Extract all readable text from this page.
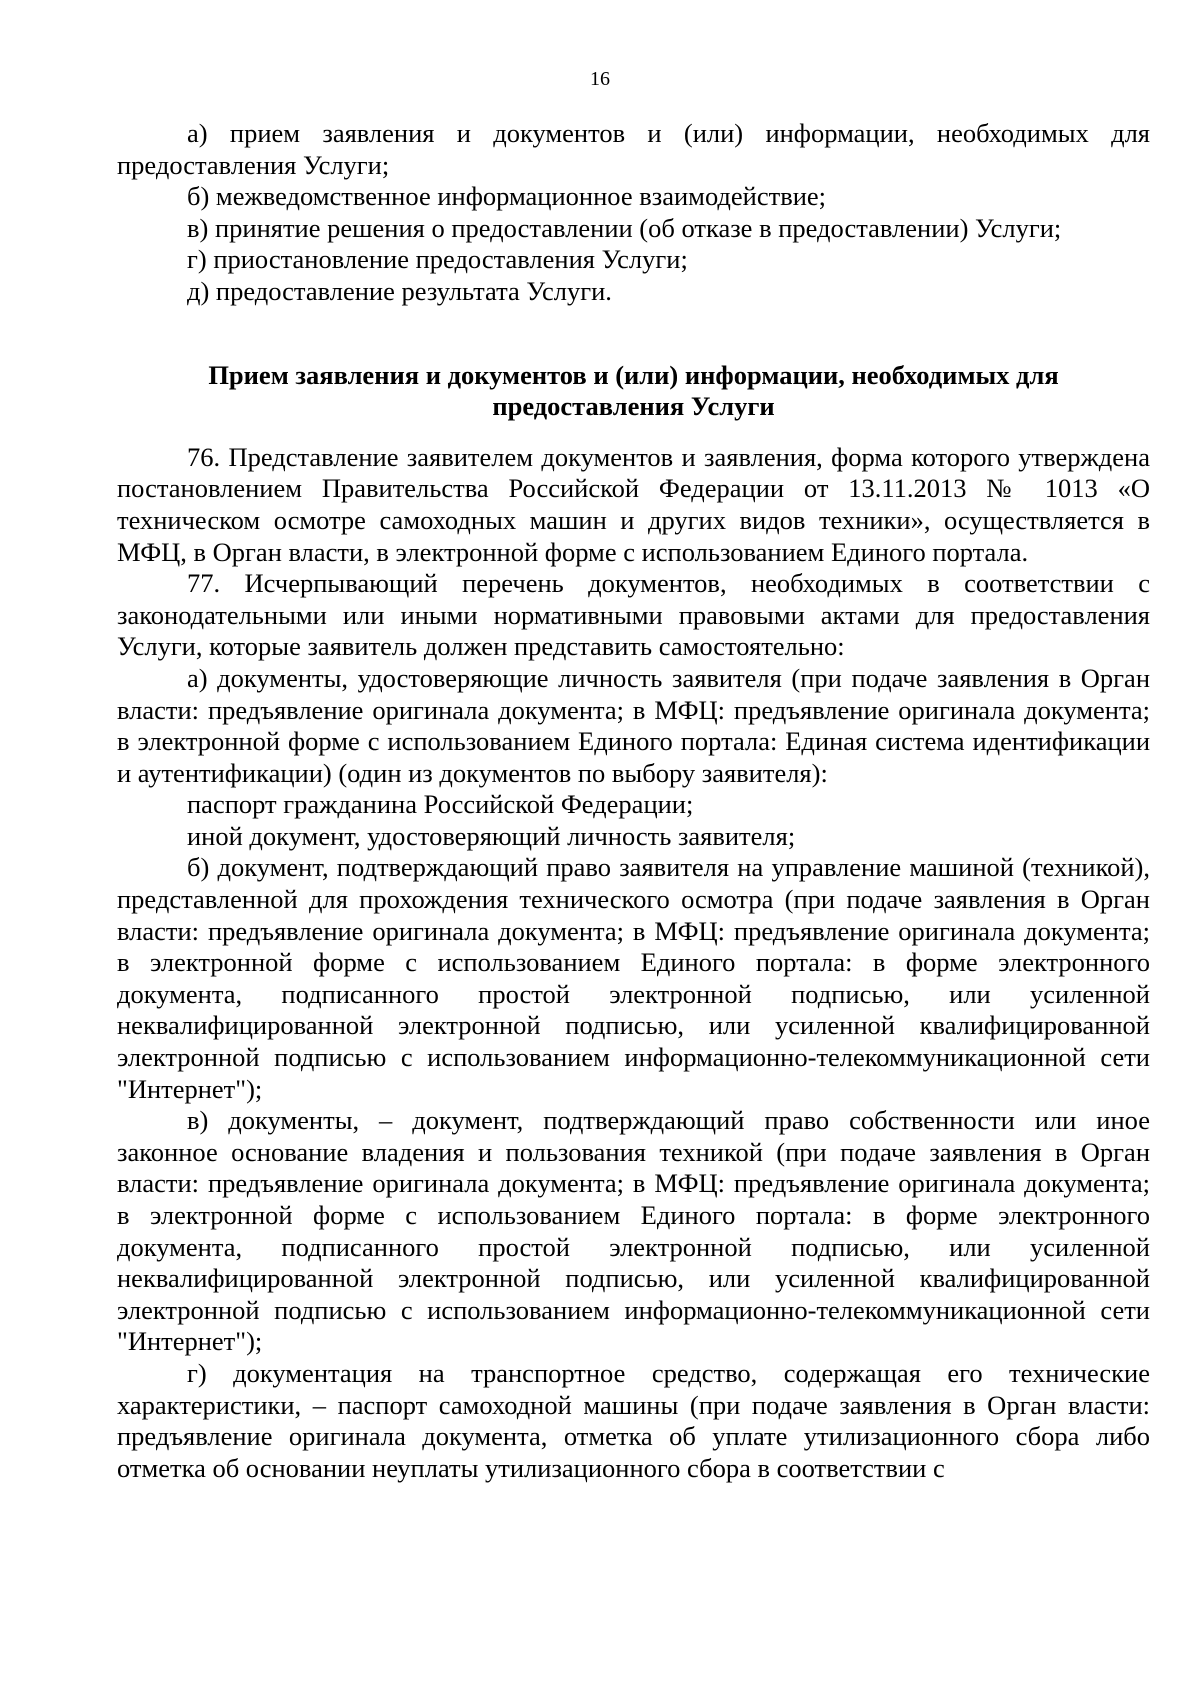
16

а) прием заявления и документов и (или) информации, необходимых для предоставления Услуги;

б) межведомственное информационное взаимодействие;

в) принятие решения о предоставлении (об отказе в предоставлении) Услуги;

г) приостановление предоставления Услуги;

д) предоставление результата Услуги.

Прием заявления и документов и (или) информации, необходимых для
предоставления Услуги

76. Представление заявителем документов и заявления, форма которого утверждена постановлением Правительства Российской Федерации от 13.11.2013 № 1013 «О техническом осмотре самоходных машин и других видов техники», осуществляется в МФЦ, в Орган власти, в электронной форме с использованием Единого портала.

77. Исчерпывающий перечень документов, необходимых в соответствии с законодательными или иными нормативными правовыми актами для предоставления Услуги, которые заявитель должен представить самостоятельно:

а) документы, удостоверяющие личность заявителя (при подаче заявления в Орган власти: предъявление оригинала документа; в МФЦ: предъявление оригинала документа; в электронной форме с использованием Единого портала: Единая система идентификации и аутентификации) (один из документов по выбору заявителя):

паспорт гражданина Российской Федерации;

иной документ, удостоверяющий личность заявителя;

б) документ, подтверждающий право заявителя на управление машиной (техникой), представленной для прохождения технического осмотра (при подаче заявления в Орган власти: предъявление оригинала документа; в МФЦ: предъявление оригинала документа; в электронной форме с использованием Единого портала: в форме электронного документа, подписанного простой электронной подписью, или усиленной неквалифицированной электронной подписью, или усиленной квалифицированной электронной подписью с использованием информационно-телекоммуникационной сети "Интернет");

в) документы, – документ, подтверждающий право собственности или иное законное основание владения и пользования техникой (при подаче заявления в Орган власти: предъявление оригинала документа; в МФЦ: предъявление оригинала документа; в электронной форме с использованием Единого портала: в форме электронного документа, подписанного простой электронной подписью, или усиленной неквалифицированной электронной подписью, или усиленной квалифицированной электронной подписью с использованием информационно-телекоммуникационной сети "Интернет");

г) документация на транспортное средство, содержащая его технические характеристики, – паспорт самоходной машины (при подаче заявления в Орган власти: предъявление оригинала документа, отметка об уплате утилизационного сбора либо отметка об основании неуплаты утилизационного сбора в соответствии с
